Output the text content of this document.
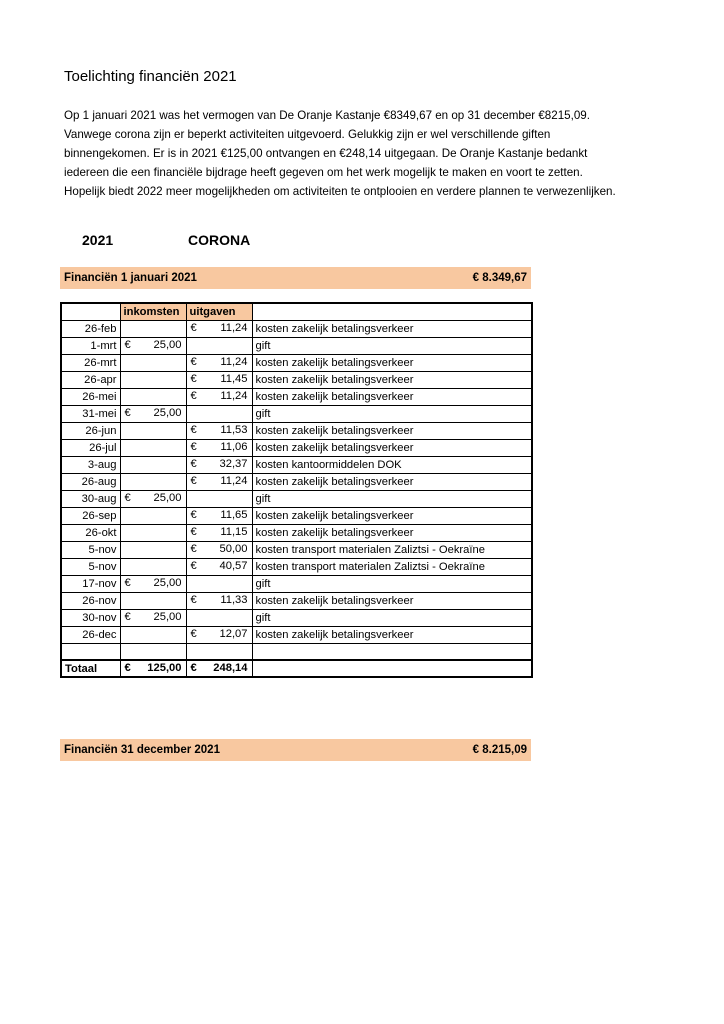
Toelichting financiën 2021

Op 1 januari 2021 was het vermogen van De Oranje Kastanje €8349,67 en op 31 december €8215,09. Vanwege corona zijn er beperkt activiteiten uitgevoerd. Gelukkig zijn er wel verschillende giften binnengekomen. Er is in 2021 €125,00 ontvangen en €248,14 uitgegaan. De Oranje Kastanje bedankt iedereen die een financiële bijdrage heeft gegeven om het werk mogelijk te maken en voort te zetten. Hopelijk biedt 2022 meer mogelijkheden om activiteiten te ontplooien en verdere plannen te verwezenlijken.

2021	CORONA
Financiën 1 januari 2021	€ 8.349,67
	inkomsten	uitgaven	
26-feb		€ 11,24	kosten zakelijk betalingsverkeer
1-mrt	€ 25,00		gift
26-mrt		€ 11,24	kosten zakelijk betalingsverkeer
26-apr		€ 11,45	kosten zakelijk betalingsverkeer
26-mei		€ 11,24	kosten zakelijk betalingsverkeer
31-mei	€ 25,00		gift
26-jun		€ 11,53	kosten zakelijk betalingsverkeer
26-jul		€ 11,06	kosten zakelijk betalingsverkeer
3-aug		€ 32,37	kosten kantoormiddelen DOK
26-aug		€ 11,24	kosten zakelijk betalingsverkeer
30-aug	€ 25,00		gift
26-sep		€ 11,65	kosten zakelijk betalingsverkeer
26-okt		€ 11,15	kosten zakelijk betalingsverkeer
5-nov		€ 50,00	kosten transport materialen Zaliztsi - Oekraïne
5-nov		€ 40,57	kosten transport materialen Zaliztsi - Oekraïne
17-nov	€ 25,00		gift
26-nov		€ 11,33	kosten zakelijk betalingsverkeer
30-nov	€ 25,00		gift
26-dec		€ 12,07	kosten zakelijk betalingsverkeer

Totaal	€ 125,00	€ 248,14	

Financiën 31 december 2021	€ 8.215,09
